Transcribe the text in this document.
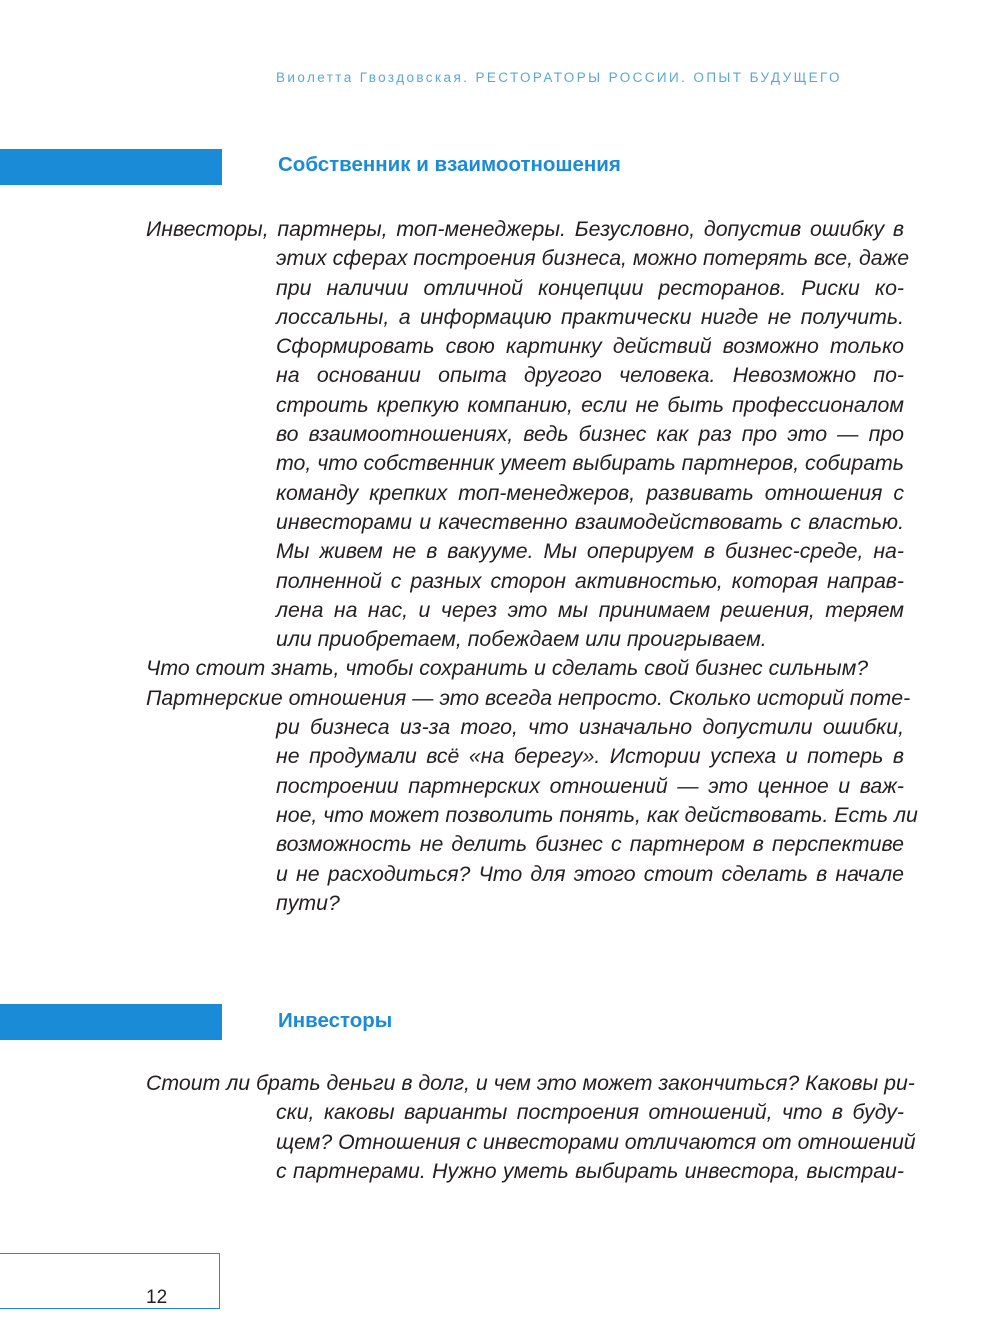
Виолетта Гвоздовская. РЕСТОРАТОРЫ РОССИИ. ОПЫТ БУДУЩЕГО
Собственник и взаимоотношения
Инвесторы, партнеры, топ-менеджеры. Безусловно, допустив ошибку в
этих сферах построения бизнеса, можно потерять все, даже
при наличии отличной концепции ресторанов. Риски ко-
лоссальны, а информацию практически нигде не получить.
Сформировать свою картинку действий возможно только
на основании опыта другого человека. Невозможно по-
строить крепкую компанию, если не быть профессионалом
во взаимоотношениях, ведь бизнес как раз про это — про
то, что собственник умеет выбирать партнеров, собирать
команду крепких топ-менеджеров, развивать отношения с
инвесторами и качественно взаимодействовать с властью.
Мы живем не в вакууме. Мы оперируем в бизнес-среде, на-
полненной с разных сторон активностью, которая направ-
лена на нас, и через это мы принимаем решения, теряем
или приобретаем, побеждаем или проигрываем.
Что стоит знать, чтобы сохранить и сделать свой бизнес сильным?
Партнерские отношения — это всегда непросто. Сколько историй поте-
ри бизнеса из-за того, что изначально допустили ошибки,
не продумали всё «на берегу». Истории успеха и потерь в
построении партнерских отношений — это ценное и важ-
ное, что может позволить понять, как действовать. Есть ли
возможность не делить бизнес с партнером в перспективе
и не расходиться? Что для этого стоит сделать в начале
пути?
Инвесторы
Стоит ли брать деньги в долг, и чем это может закончиться? Каковы ри-
ски, каковы варианты построения отношений, что в буду-
щем? Отношения с инвесторами отличаются от отношений
с партнерами. Нужно уметь выбирать инвестора, выстраи-
12
